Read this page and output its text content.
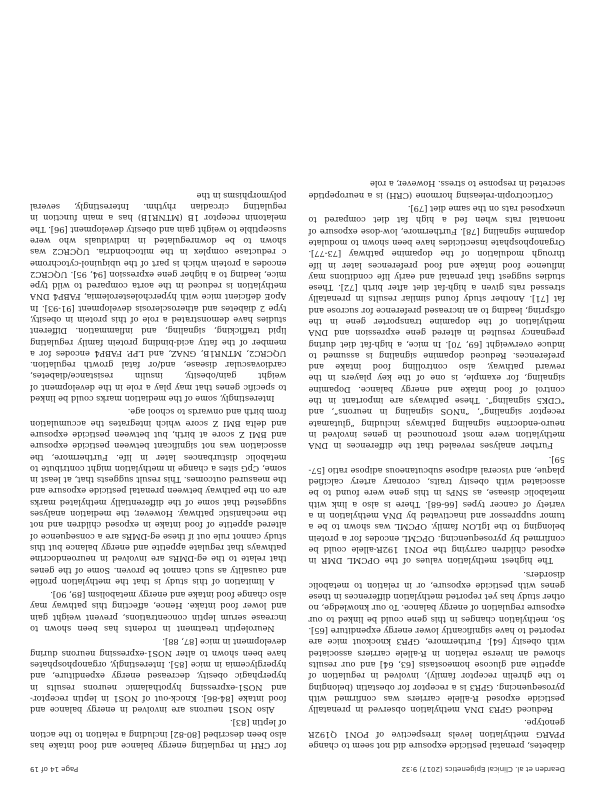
Dearden et al. Clinical Epigenetics (2017) 9:32
Page 14 of 19

diabetes, prenatal pesticide exposure did not seem to change PPARG methylation levels irrespective of PON1 Q192R genotype.

Reduced GPR3 DNA methylation observed in prenatally pesticide exposed R-allele carriers was confirmed with pyrosequencing. GPR3 is a receptor for obestatin (belonging to the ghrelin receptor family), involved in regulation of appetite and glucose homeostasis [63, 64] and our results showed an inverse relation in R-allele carriers associated with obesity [64]. Furthermore, GPR3 knockout mice are reported to have significantly lower energy expenditure [65]. So, methylation changes in this gene could be linked to our exposure regulation of energy balance. To our knowledge, no other study has yet reported methylation differences in these genes with pesticide exposure, or in relation to metabolic disorders.

The highest methylation values of the OPCML DMR in exposed children carrying the PON1 192R-allele could be confirmed by pyrosequencing. OPCML encodes for a protein belonging to the IgLON family. OPCML was shown to be a tumor suppressor and inactivated by DNA methylation in a variety of cancer types [66-68]. There is also a link with metabolic disease, as SNPs in this gene were found to be associated with obesity traits, coronary artery calcified plaque, and visceral adipose subcutaneous adipose ratio [57-59].

Further analyses revealed that the differences in DNA methylation were most pronounced in genes involved in neuro-endocrine signaling pathways including “glutamate receptor signaling”, “nNOS signaling in neurons”, and “CDK5 signaling”. These pathways are important in the control of food intake and energy balance. Dopamine signaling, for example, is one of the key players in the reward pathway, also controlling food intake and preferences. Reduced dopamine signaling is assumed to induce overweight [69, 70]. In mice, a high-fat diet during pregnancy resulted in altered gene expression and DNA methylation of the dopamine transporter gene in the offspring, leading to an increased preference for sucrose and fat [71]. Another study found similar results in prenatally stressed rats given a high-fat diet after birth [72]. These studies suggest that prenatal and early life conditions may influence food intake and food preferences later in life through modulation of the dopamine pathway [73-77]. Organophosphate insecticides have been shown to modulate dopamine signaling [78]. Furthermore, low-dose exposure of neonatal rats when fed a high fat diet compared to unexposed rats on the same diet [79].

Corticotropin-releasing hormone (CRH) is a neuropeptide secreted in response to stress. However, a role

for CRH in regulating energy balance and food intake has also been described [80-82] including a relation to the action of leptin [83].

Also NOS1 neurons are involved in energy balance and food intake [84-86]. Knock-out of NOS1 in leptin receptor- and NOS1-expressing hypothalamic neurons results in hyperphagic obesity, decreased energy expenditure, and hyperglycemia in mice [85]. Interestingly, organophosphates have been shown to alter NOS1-expressing neurons during development in mice [87, 88].

Neuroleptin treatment in rodents has been shown to increase serum leptin concentrations, prevent weight gain and lower food intake. Hence, affecting this pathway may also change food intake and energy metabolism [89, 90].

A limitation of this study is that the methylation profile and causality as such cannot be proven. Some of the genes that relate to the eg-DMRs are involved in neuroendocrine pathways that regulate appetite and energy balance but this study cannot rule out if these eg-DMRs are a consequence of altered appetite of food intake in exposed children and not the mechanistic pathway. However, the mediation analyses suggested that some of the differentially methylated marks are on the pathway between prenatal pesticide exposure and the measured outcomes. This result suggests that, at least in some, CpG sites a change in methylation might contribute to metabolic disturbances later in life. Furthermore, the association was not significant between pesticide exposure and BMI Z score at birth, but between pesticide exposure and delta BMI Z score which integrates the accumulation from birth and onwards to school age.

Interestingly, some of the mediation marks could be linked to specific genes that may play a role in the development of weight gain/obesity, insulin resistance/diabetes, cardiovascular disease, and/or fatal growth regulation. UQCRC2, MTNR1B, GNAZ, and LPP. FABP4 encodes for a member of the fatty acid-binding protein family regulating lipid trafficking, signaling, and inflammation. Different studies have demonstrated a role of this protein in obesity, type 2 diabetes and atherosclerosis development [91-93]. In ApoE deficient mice with hypercholesterolemia, FABP4 DNA methylation is reduced in the aorta compared to wild type mice, leading to a higher gene expression [94, 95]. UQCRC2 encodes a protein which is part of the ubiquinol-cytochrome c reductase complex in the mitochondria. UQCRC2 was shown to be downregulated in individuals who were susceptible to weight gain and obesity development [96]. The melatonin receptor 1B (MTNR1B) has a main function in regulating circadian rhythm. Interestingly, several polymorphisms in the
